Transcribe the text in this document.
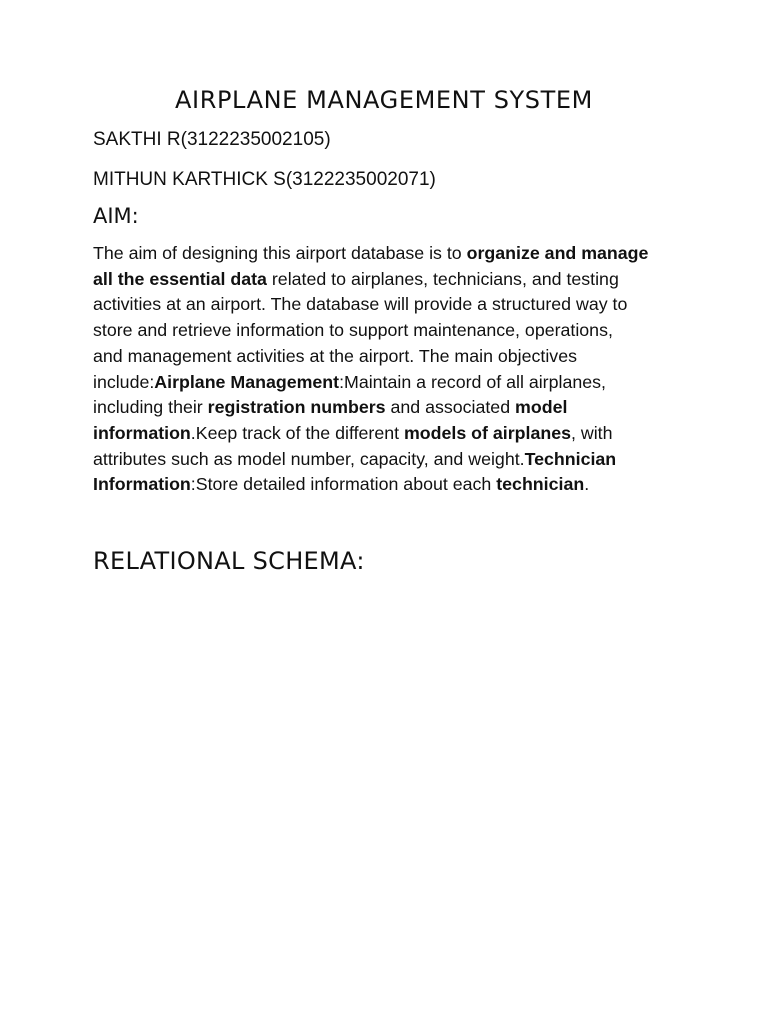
AIRPLANE MANAGEMENT SYSTEM

SAKTHI R(3122235002105)

MITHUN KARTHICK S(3122235002071)

AIM:

The aim of designing this airport database is to organize and manage
all the essential data related to airplanes, technicians, and testing
activities at an airport. The database will provide a structured way to
store and retrieve information to support maintenance, operations,
and management activities at the airport. The main objectives
include:Airplane Management:Maintain a record of all airplanes,
including their registration numbers and associated model
information.Keep track of the different models of airplanes, with
attributes such as model number, capacity, and weight.Technician
Information:Store detailed information about each technician.

RELATIONAL SCHEMA:
